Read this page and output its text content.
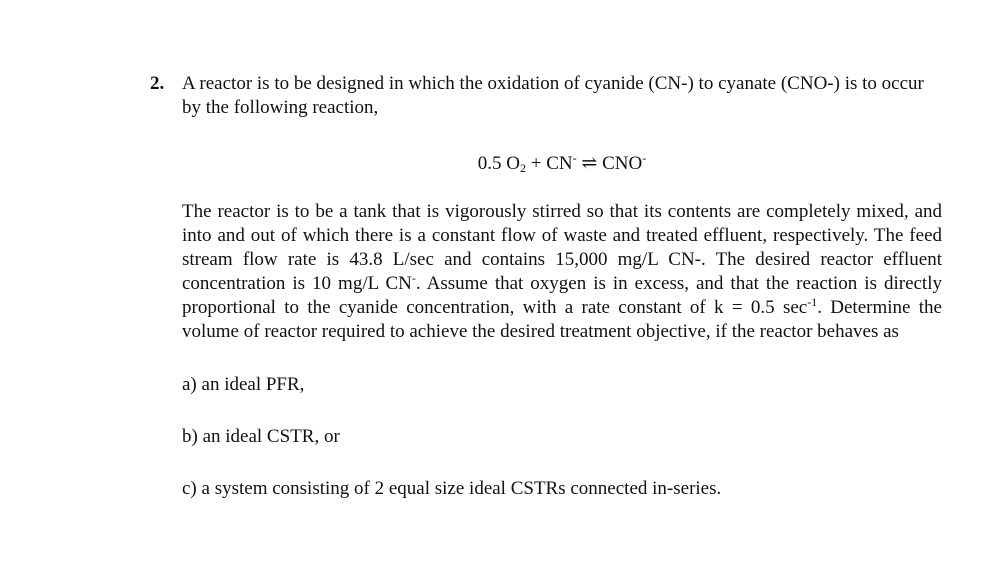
2. A reactor is to be designed in which the oxidation of cyanide (CN-) to cyanate (CNO-) is to occur by the following reaction,

0.5 $O_2 + CN^-$ ⇌ CNO-

The reactor is to be a tank that is vigorously stirred so that its contents are completely mixed, and into and out of which there is a constant flow of waste and treated effluent, respectively. The feed stream flow rate is 43.8 L/sec and contains 15,000 mg/L CN-. The desired reactor effluent concentration is 10 mg/L CN-. Assume that oxygen is in excess, and that the reaction is directly proportional to the cyanide concentration, with a rate constant of k = 0.5 $\sec^{-1}$. Determine the volume of reactor required to achieve the desired treatment objective, if the reactor behaves as

a) an ideal PFR,

b) an ideal CSTR, or

c) a system consisting of 2 equal size ideal CSTRs connected in-series.
